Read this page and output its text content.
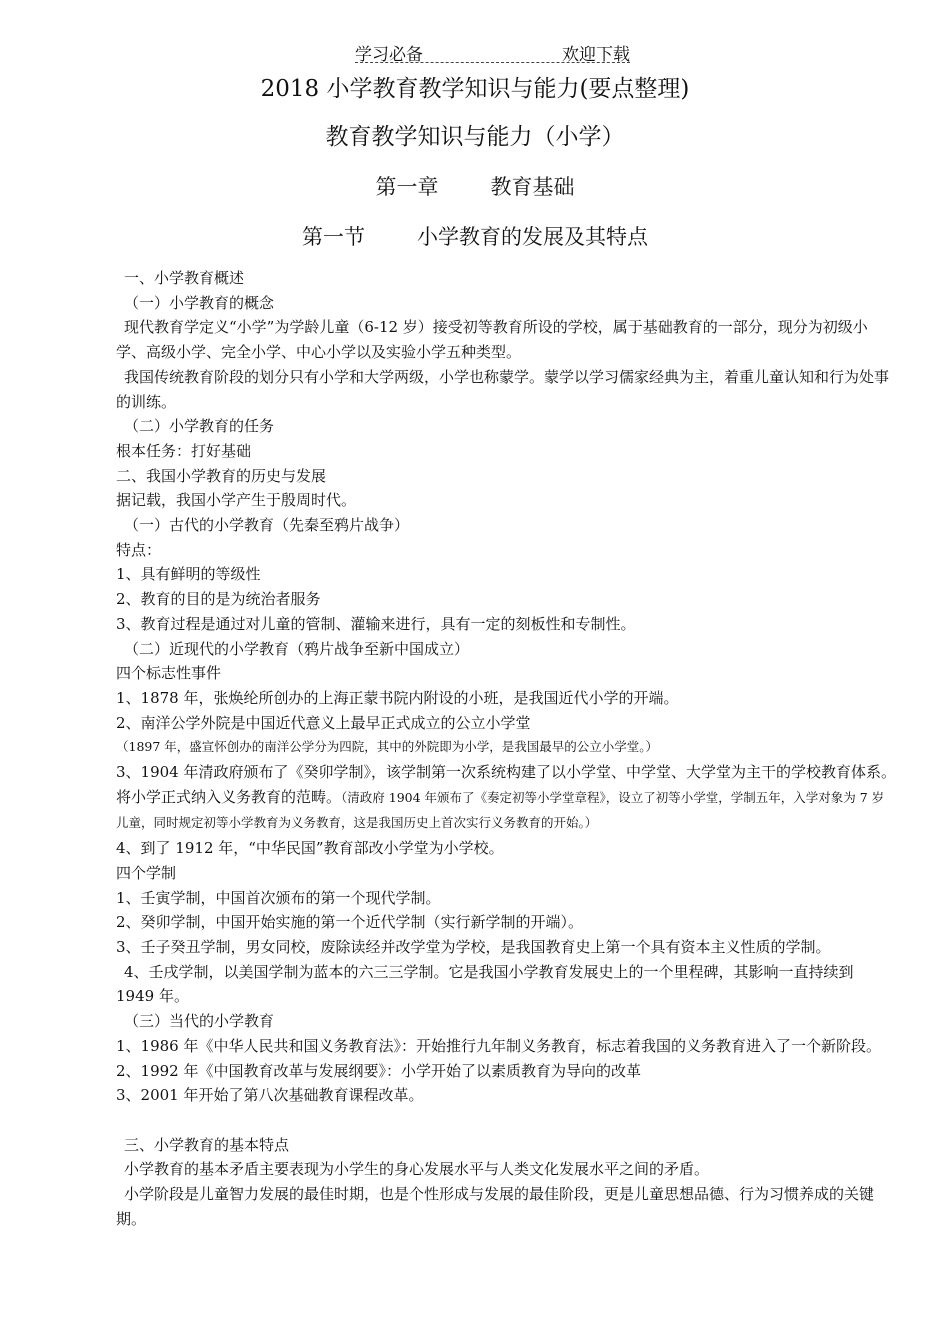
学习必备	欢迎下载
2018 小学教育教学知识与能力(要点整理)
教育教学知识与能力（小学）
第一章 教育基础
第一节 小学教育的发展及其特点

一、小学教育概述

（一）小学教育的概念

现代教育学定义“小学”为学龄儿童（6-12 岁）接受初等教育所设的学校，属于基础教育的一部分，现分为初级小学、高级小学、完全小学、中心小学以及实验小学五种类型。

我国传统教育阶段的划分只有小学和大学两级，小学也称蒙学。蒙学以学习儒家经典为主，着重儿童认知和行为处事的训练。

（二）小学教育的任务

根本任务：打好基础

二、我国小学教育的历史与发展

据记载，我国小学产生于殷周时代。

（一）古代的小学教育（先秦至鸦片战争）

特点：

1、具有鲜明的等级性

2、教育的目的是为统治者服务

3、教育过程是通过对儿童的管制、灌输来进行，具有一定的刻板性和专制性。

（二）近现代的小学教育（鸦片战争至新中国成立）

四个标志性事件

1、1878 年，张焕纶所创办的上海正蒙书院内附设的小班，是我国近代小学的开端。

2、南洋公学外院是中国近代意义上最早正式成立的公立小学堂

（1897 年，盛宣怀创办的南洋公学分为四院，其中的外院即为小学，是我国最早的公立小学堂。）

3、1904 年清政府颁布了《癸卯学制》，该学制第一次系统构建了以小学堂、中学堂、大学堂为主干的学校教育体系。将小学正式纳入义务教育的范畴。（清政府 1904 年颁布了《奏定初等小学堂章程》，设立了初等小学堂，学制五年，入学对象为 7 岁儿童，同时规定初等小学教育为义务教育，这是我国历史上首次实行义务教育的开始。）

4、到了 1912 年，“中华民国”教育部改小学堂为小学校。

四个学制

1、壬寅学制，中国首次颁布的第一个现代学制。

2、癸卯学制，中国开始实施的第一个近代学制（实行新学制的开端）。

3、壬子癸丑学制，男女同校，废除读经并改学堂为学校，是我国教育史上第一个具有资本主义性质的学制。

4、壬戌学制，以美国学制为蓝本的六三三学制。它是我国小学教育发展史上的一个里程碑，其影响一直持续到 1949 年。

（三）当代的小学教育

1、1986 年《中华人民共和国义务教育法》：开始推行九年制义务教育，标志着我国的义务教育进入了一个新阶段。

2、1992 年《中国教育改革与发展纲要》：小学开始了以素质教育为导向的改革

3、2001 年开始了第八次基础教育课程改革。

三、小学教育的基本特点

小学教育的基本矛盾主要表现为小学生的身心发展水平与人类文化发展水平之间的矛盾。

小学阶段是儿童智力发展的最佳时期，也是个性形成与发展的最佳阶段，更是儿童思想品德、行为习惯养成的关键期。
